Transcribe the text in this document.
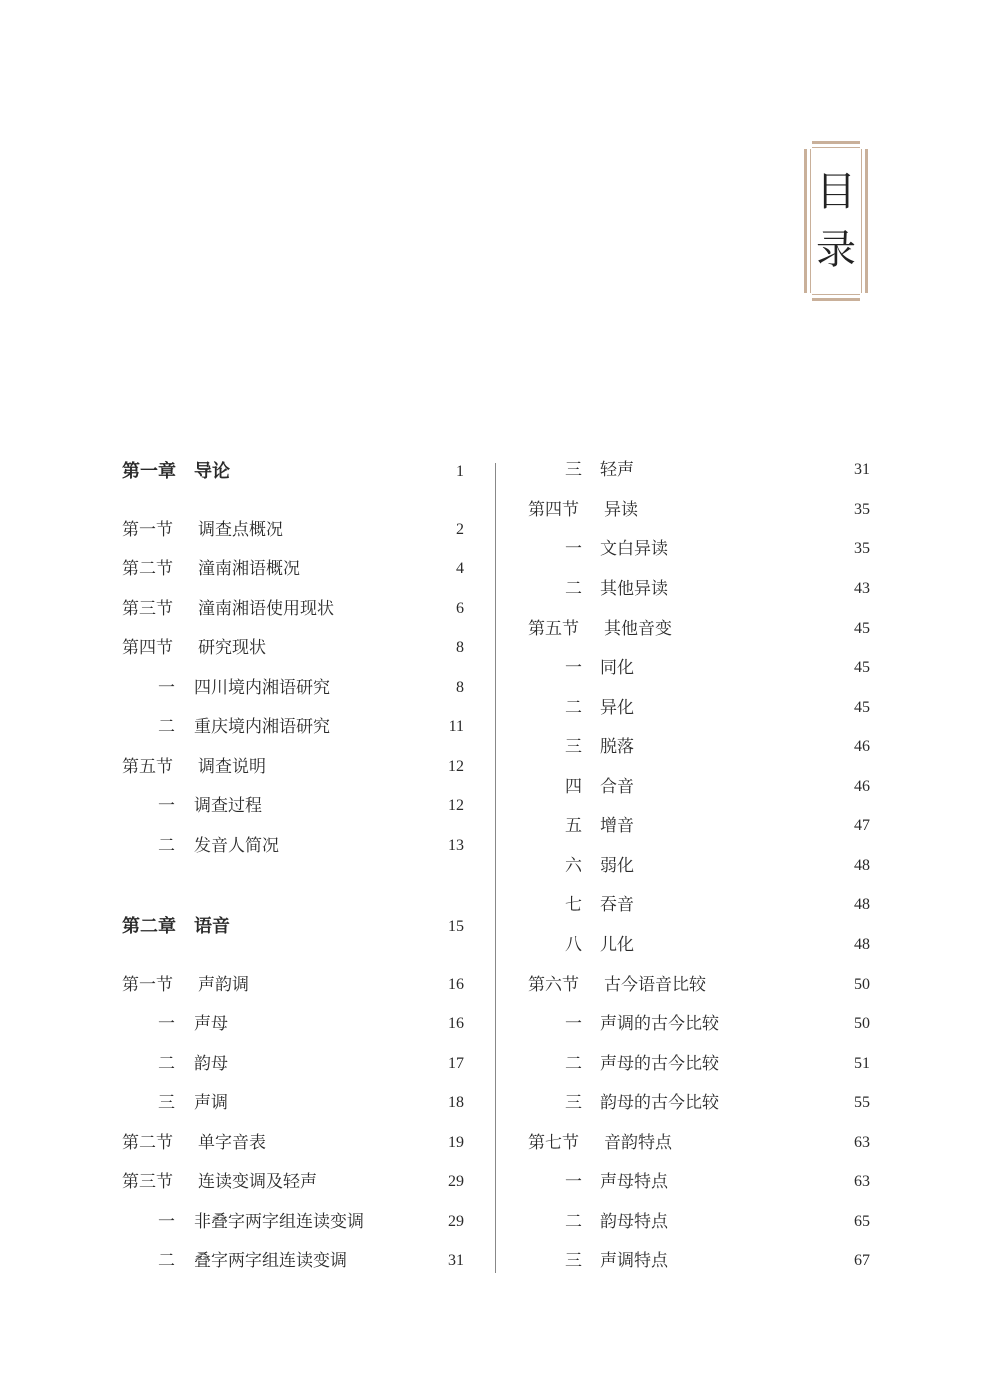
目
录
第一章 导论	1
第一节 调查点概况	2
第二节 潼南湘语概况	4
第三节 潼南湘语使用现状	6
第四节 研究现状	8
一 四川境内湘语研究	8
二 重庆境内湘语研究	11
第五节 调查说明	12
一 调查过程	12
二 发音人简况	13
第二章 语音	15
第一节 声韵调	16
一 声母	16
二 韵母	17
三 声调	18
第二节 单字音表	19
第三节 连读变调及轻声	29
一 非叠字两字组连读变调	29
二 叠字两字组连读变调	31
三 轻声	31
第四节 异读	35
一 文白异读	35
二 其他异读	43
第五节 其他音变	45
一 同化	45
二 异化	45
三 脱落	46
四 合音	46
五 增音	47
六 弱化	48
七 吞音	48
八 儿化	48
第六节 古今语音比较	50
一 声调的古今比较	50
二 声母的古今比较	51
三 韵母的古今比较	55
第七节 音韵特点	63
一 声母特点	63
二 韵母特点	65
三 声调特点	67
